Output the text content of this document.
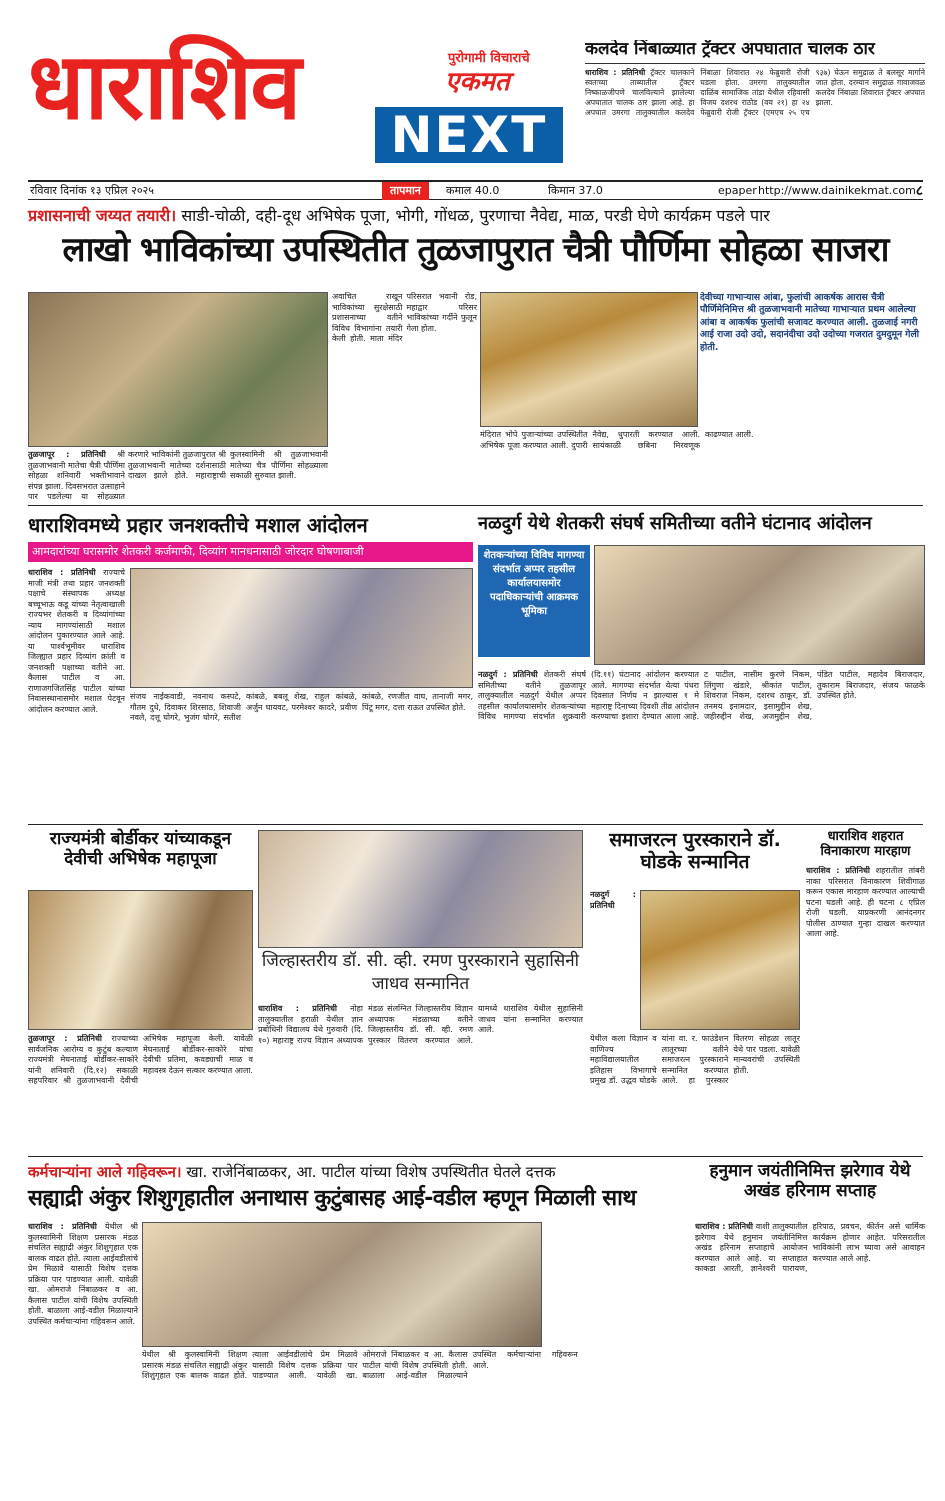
धाराशिव	पुरोगामी विचाराचे
एकमत
NEXT
कलदेव निंबाळ्यात ट्रॅक्टर अपघातात चालक ठार
धाराशिव : प्रतिनिधी ट्रॅक्टर चालकाने स्वतःच्या ताब्यातील ट्रॅक्टर निष्काळजीपणे चालविल्याने झालेल्या अपघातात चालक ठार झाला आहे. हा अपघात उमरगा तालुक्यातील कलदेव निंबाळा शिवारात २४ फेब्रुवारी रोजी घडला होता. उमरगा तालुक्यातील दाळिंब सामाजिक तांडा येथील रहिवासी विजय दशरथ राठोड (वय २१) हा २४ फेब्रुवारी रोजी ट्रॅक्टर (एमएच २५ एच ९३७) घेऊन समुद्राळ ते बलसूर मार्गाने जात होता. दरम्यान समुद्राळ गावाजवळ कलदेव निंबाळा शिवारात ट्रॅक्टर अपघात झाला.
रविवार दिनांक १३ एप्रिल २०२५	तापमान	कमाल 40.0	किमान 37.0	epaper http://www.dainikekmat.com ८
प्रशासनाची जय्यत तयारी। साडी-चोळी, दही-दूध अभिषेक पूजा, भोगी, गोंधळ, पुरणाचा नैवेद्य, माळ, परडी घेणे कार्यक्रम पडले पार
लाखो भाविकांच्या उपस्थितीत तुळजापुरात चैत्री पौर्णिमा सोहळा साजरा
देवीच्या गाभाऱ्यास आंबा, फुलांची आकर्षक आरास चैत्री पौर्णिमेनिमित्त श्री तुळजाभवानी मातेच्या गाभाऱ्यात प्रथम आलेल्या आंबा व आकर्षक फुलांची सजावट करण्यात आली. तुळजाई नगरी आई राजा उदो उदो, सदानंदीचा उदो उदोच्या गजरात दुमदुमून गेली होती.
तुळजापूर : प्रतिनिधी श्री तुळजाभवानी मातेचा चैत्री पौर्णिमा सोहळा शनिवारी भक्तीभावाने संपन्न झाला. दिवसभरात उत्साहाने पार पडलेल्या या सोहळ्यात
करणारे भाविकांनी तुळजापुरात श्री तुळजाभवानी मातेच्या दर्शनासाठी दाखल झाले होते. महाराष्ट्राची कुलस्वामिनी श्री तुळजाभवानी मातेच्या चैत्र पौर्णिमा सोहळ्याला सकाळी सुरुवात झाली.
अवाचित राखून भाविकांच्या सुरक्षेसाठी प्रशासनाच्या वतीने विविध विभागांना तयारी केली होती. माता मंदिर परिसरात भवानी रोड, महाद्वार परिसर भाविकांच्या गर्दीने फुलून गेला होता.
मंदिरात भोपे पुजाऱ्यांच्या उपस्थितीत अभिषेक पूजा करण्यात आली. दुपारी नैवेद्य, धुपारती करण्यात आली. सायंकाळी छबिना मिरवणूक काढण्यात आली.
धाराशिवमध्ये प्रहार जनशक्तीचे मशाल आंदोलन
आमदारांच्या घरासमोर शेतकरी कर्जमाफी, दिव्यांग मानधनासाठी जोरदार घोषणाबाजी
धाराशिव : प्रतिनिधी राज्याचे माजी मंत्री तथा प्रहार जनशक्ती पक्षाचे संस्थापक अध्यक्ष बच्चूभाऊ कडू यांच्या नेतृत्वाखाली राज्यभर शेतकरी व दिव्यांगांच्या न्याय मागण्यांसाठी मशाल आंदोलन पुकारण्यात आले आहे. या पार्श्वभूमीवर धाराशिव जिल्ह्यात प्रहार दिव्यांग क्रांती व जनशक्ती पक्षाच्या वतीने आ. कैलास पाटील व आ. राणाजगजितसिंह पाटील यांच्या निवासस्थानासमोर मशाल पेटवून आंदोलन करण्यात आले.
संजय नाईकवाडी, नवनाथ कस्पटे, गौतम दुधे, दिवाकर शिरसाठ, शिवाजी नवले, दत्तू घोगरे, भुजंग घोगरे, सतीश कांबळे, बबलू शेख, राहुल कांबळे, अर्जुन घायवट, परमेश्वर कादरे, प्रवीण कांबळे, रणजीत वाघ, तानाजी मगर, पिंटू मगर, दत्ता राऊत उपस्थित होते.
नळदुर्ग येथे शेतकरी संघर्ष समितीच्या वतीने घंटानाद आंदोलन
शेतकऱ्यांच्या विविध मागण्या संदर्भात अप्पर तहसील कार्यालयासमोर पदाधिकाऱ्यांची आक्रमक भूमिका
नळदुर्ग : प्रतिनिधी शेतकरी संघर्ष समितीच्या वतीने तुळजापूर तालुक्यातील नळदुर्ग येथील अप्पर तहसील कार्यालयासमोर शेतकऱ्यांच्या विविध मागण्या संदर्भात शुक्रवारी (दि.११) घंटानाद आंदोलन करण्यात आले. मागण्या संदर्भात येत्या पंधरा दिवसात निर्णय न झाल्यास १ मे महाराष्ट्र दिनाच्या दिवशी तीव्र आंदोलन करण्याचा इशारा देण्यात आला आहे. ट पाटील, नासीम कुरणे निकम, लिंगुणा खंडारे, श्रीकांत पाटील, शिवराज निकम, दशरथ ठाकूर, डॉ. तनमय इनामदार, इसामुद्दीन शेख, जहीरुद्दीन शेख, अजमुद्दीन शेख, पंडित पाटील, महादेव बिराजदार, तुकाराम बिराजदार, संजय फाळके उपस्थित होते.
राज्यमंत्री बोर्डीकर यांच्याकडून देवीची अभिषेक महापूजा
तुळजापूर : प्रतिनिधी राज्याच्या सार्वजनिक आरोग्य व कुटुंब कल्याण राज्यमंत्री मेघनाताई बोर्डीकर-साकोरे यांनी शनिवारी (दि.१२) सकाळी सहपरिवार श्री तुळजाभवानी देवीची अभिषेक महापूजा केली. यावेळी मेघनाताई बोर्डीकर-साकोरे यांचा देवीची प्रतिमा, कवड्याची माळ व महावस्त्र देऊन सत्कार करण्यात आला.
जिल्हास्तरीय डॉ. सी. व्ही. रमण पुरस्काराने सुहासिनी जाधव सन्मानित
धाराशिव : प्रतिनिधी नोहा तालुक्यातील हराळी येथील ज्ञान प्रबोधिनी विद्यालय येथे गुरुवारी (दि. १०) महाराष्ट्र राज्य विज्ञान अध्यापक मंडळ संलग्नित जिल्हास्तरीय विज्ञान अध्यापक मंडळाच्या वतीने जिल्हास्तरीय डॉ. सी. व्ही. रमण पुरस्कार वितरण करण्यात आले. यामध्ये धाराशिव येथील सुहासिनी जाधव यांना सन्मानित करण्यात आले.
समाजरत्न पुरस्काराने डॉ. घोडके सन्मानित
नळदुर्ग : प्रतिनिधी
येथील कला विज्ञान व वाणिज्य महाविद्यालयातील इतिहास विभागाचे प्रमुख डॉ. उद्धव घोडके यांना वा. र. फाउंडेशन लातूरच्या वतीने समाजरत्न पुरस्काराने सन्मानित करण्यात आले. हा पुरस्कार वितरण सोहळा लातूर येथे पार पडला. यावेळी मान्यवरांची उपस्थिती होती.
धाराशिव शहरात विनाकारण मारहाण
धाराशिव : प्रतिनिधी शहरातील तांबरी नाका परिसरात विनाकारण शिवीगाळ करून एकास मारहाण करण्यात आल्याची घटना घडली आहे. ही घटना ८ एप्रिल रोजी घडली. याप्रकरणी आनंदनगर पोलीस ठाण्यात गुन्हा दाखल करण्यात आला आहे.
कर्मचाऱ्यांना आले गहिवरून। खा. राजेनिंबाळकर, आ. पाटील यांच्या विशेष उपस्थितीत घेतले दत्तक
सह्याद्री अंकुर शिशुगृहातील अनाथास कुटुंबासह आई-वडील म्हणून मिळाली साथ
धाराशिव : प्रतिनिधी येथील श्री कुलस्वामिनी शिक्षण प्रसारक मंडळ संचलित सह्याद्री अंकुर शिशुगृहात एक बालक वाढत होते. त्याला आईवडीलांचे प्रेम मिळावे यासाठी विशेष दत्तक प्रक्रिया पार पाडण्यात आली. यावेळी खा. ओमराजे निंबाळकर व आ. कैलास पाटील यांची विशेष उपस्थिती होती. बाळाला आई-वडील मिळाल्याने उपस्थित कर्मचाऱ्यांना गहिवरून आले.
येथील श्री कुलस्वामिनी शिक्षण प्रसारक मंडळ संचलित सह्याद्री अंकुर शिशुगृहात एक बालक वाढत होते. त्याला आईवडीलांचे प्रेम मिळावे यासाठी विशेष दत्तक प्रक्रिया पार पाडण्यात आली. यावेळी खा. ओमराजे निंबाळकर व आ. कैलास पाटील यांची विशेष उपस्थिती होती. बाळाला आई-वडील मिळाल्याने उपस्थित कर्मचाऱ्यांना गहिवरून आले.
हनुमान जयंतीनिमित्त झरेगाव येथे अखंड हरिनाम सप्ताह
धाराशिव : प्रतिनिधी वाशी तालुक्यातील झरेगाव येथे हनुमान जयंतीनिमित्त अखंड हरिनाम सप्ताहाचे आयोजन करण्यात आले आहे. या सप्ताहात काकडा आरती, ज्ञानेश्वरी पारायण, हरिपाठ, प्रवचन, कीर्तन असे धार्मिक कार्यक्रम होणार आहेत. परिसरातील भाविकांनी लाभ घ्यावा असे आवाहन करण्यात आले आहे.
